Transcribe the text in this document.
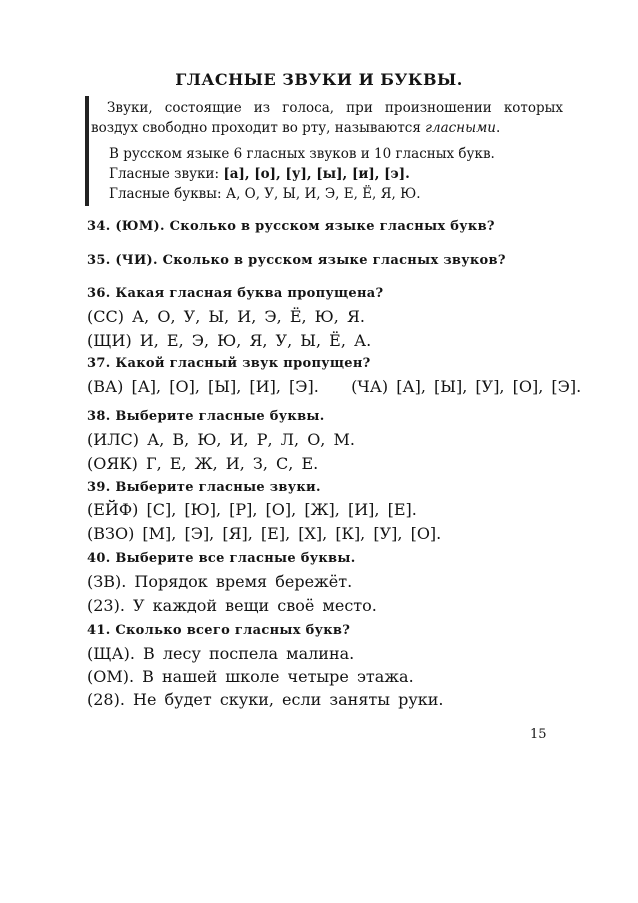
ГЛАСНЫЕ ЗВУКИ И БУКВЫ.

Звуки, состоящие из голоса, при произношении которых воздух свободно проходит во рту, называются гласными.

В русском языке 6 гласных звуков и 10 гласных букв.
Гласные звуки: [а], [о], [у], [ы], [и], [э].
Гласные буквы: А, О, У, Ы, И, Э, Е, Ё, Я, Ю.
34. (ЮМ). Сколько в русском языке гласных букв?
35. (ЧИ). Сколько в русском языке гласных звуков?
36. Какая гласная буква пропущена?
(СС) А, О, У, Ы, И, Э, Ё, Ю, Я.
(ЩИ) И, Е, Э, Ю, Я, У, Ы, Ё, А.
37. Какой гласный звук пропущен?
(ВА) [А], [О], [Ы], [И], [Э].    (ЧА) [А], [Ы], [У], [О], [Э].
38. Выберите гласные буквы.
(ИЛС) А, В, Ю, И, Р, Л, О, М.
(ОЯК) Г, Е, Ж, И, З, С, Е.
39. Выберите гласные звуки.
(ЕЙФ) [С], [Ю], [Р], [О], [Ж], [И], [Е].
(ВЗО) [М], [Э], [Я], [Е], [Х], [К], [У], [О].
40. Выберите все гласные буквы.
(ЗВ). Порядок время бережёт.
(23). У каждой вещи своё место.
41. Сколько всего гласных букв?
(ЩА). В лесу поспела малина.
(ОМ). В нашей школе четыре этажа.
(28). Не будет скуки, если заняты руки.
15
